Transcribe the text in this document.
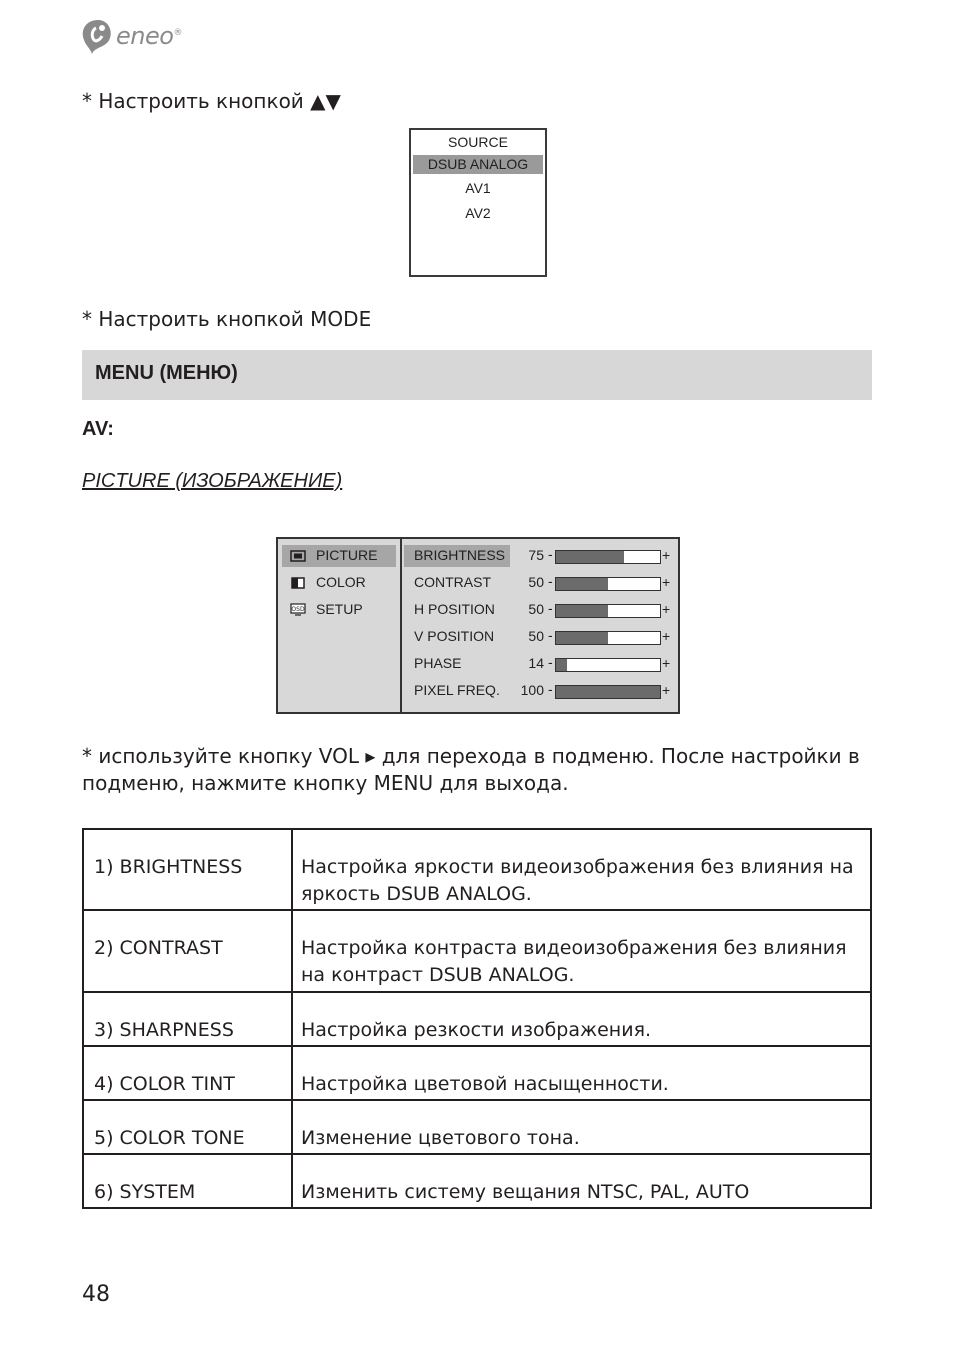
eneo®
* Настроить кнопкой ▲▼
SOURCE
DSUB ANALOG
AV1
AV2
* Настроить кнопкой MODE
MENU (МЕНЮ)
AV:
PICTURE (ИЗОБРАЖЕНИЕ)
PICTURE
COLOR
OSD SETUP
BRIGHTNESS	75 -	+
CONTRAST	50 -	+
H POSITION	50 -	+
V POSITION	50 -	+
PHASE	14 -	+
PIXEL FREQ.	100 -	+
* используйте кнопку VOL ▸ для перехода в подменю. После настройки в подменю, нажмите кнопку MENU для выхода.
1) BRIGHTNESS	Настройка яркости видеоизображения без влияния на яркость DSUB ANALOG.
2) CONTRAST	Настройка контраста видеоизображения без влияния на контраст DSUB ANALOG.
3) SHARPNESS	Настройка резкости изображения.
4) COLOR TINT	Настройка цветовой насыщенности.
5) COLOR TONE	Изменение цветового тона.
6) SYSTEM	Изменить систему вещания NTSC, PAL, AUTO
48
